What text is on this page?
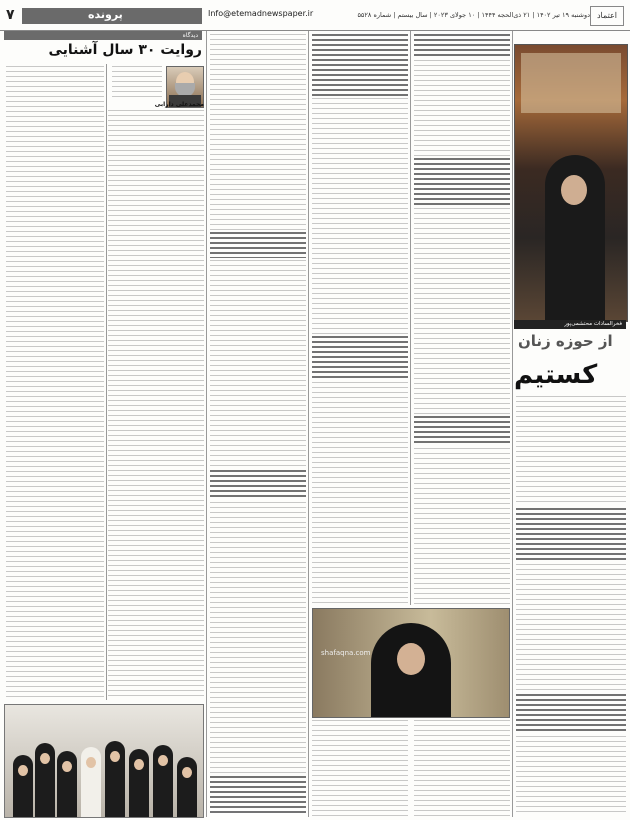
۷	پرونده	Info@etemadnewspaper.ir	دوشنبه ۱۹ تیر ۱۴۰۲ | ۲۱ ذی‌الحجه ۱۴۴۴ | ۱۰ جولای ۲۰۲۳ | سال بیستم | شماره ۵۵۲۸ اعتماد
دیدگاه
روایت ۳۰ سال آشنایی
محمدعلی دارابی
shafaqna.com
فخرالسادات محتشمی‌پور
از حوزه زنان
کستیم
